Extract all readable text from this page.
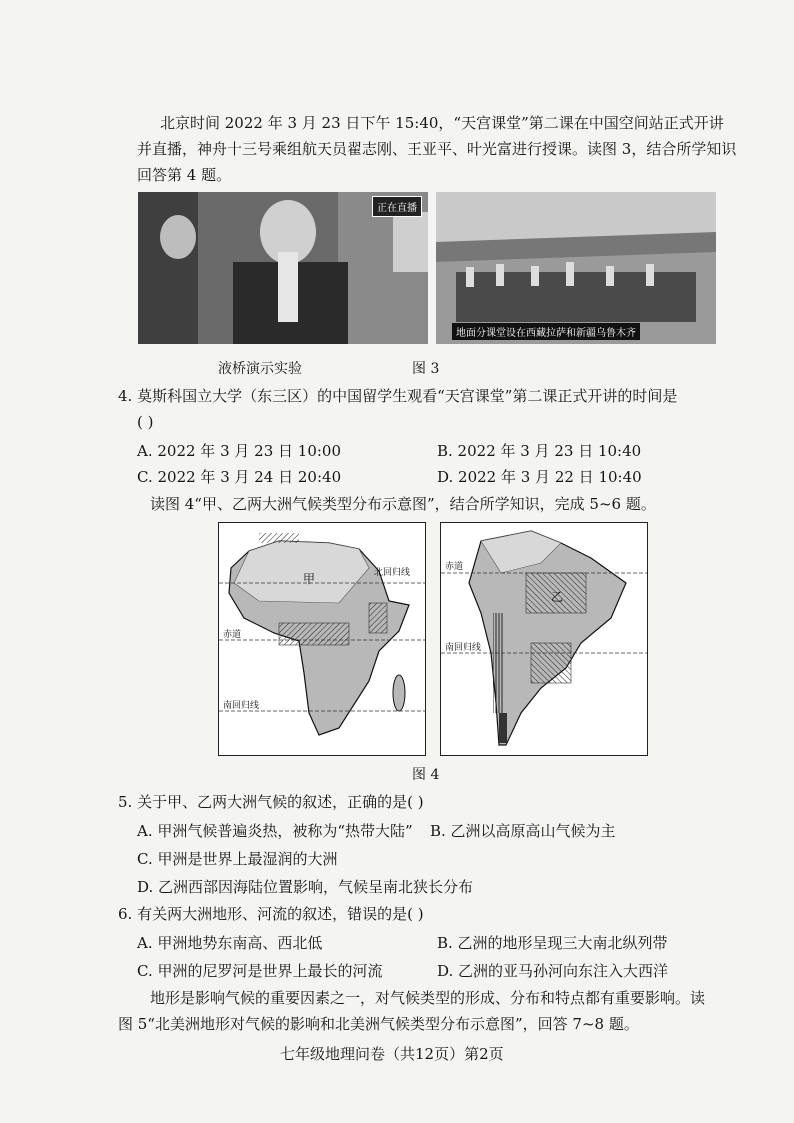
北京时间 2022 年 3 月 23 日下午 15:40，“天宫课堂”第二课在中国空间站正式开讲
并直播，神舟十三号乘组航天员翟志刚、王亚平、叶光富进行授课。读图 3，结合所学知识
回答第 4 题。
正在直播
地面分课堂设在西藏拉萨和新疆乌鲁木齐
液桥演示实验	图 3
4. 莫斯科国立大学（东三区）的中国留学生观看“天宫课堂”第二课正式开讲的时间是
( )
A. 2022 年 3 月 23 日 10:00	B. 2022 年 3 月 23 日 10:40
C. 2022 年 3 月 24 日 20:40	D. 2022 年 3 月 22 日 10:40
读图 4“甲、乙两大洲气候类型分布示意图”，结合所学知识，完成 5~6 题。
甲	北回归线
赤道
南回归线
乙
赤道
南回归线
图 4
5. 关于甲、乙两大洲气候的叙述，正确的是( )
A. 甲洲气候普遍炎热，被称为“热带大陆” B. 乙洲以高原高山气候为主
C. 甲洲是世界上最湿润的大洲
D. 乙洲西部因海陆位置影响，气候呈南北狭长分布
6. 有关两大洲地形、河流的叙述，错误的是( )
A. 甲洲地势东南高、西北低	B. 乙洲的地形呈现三大南北纵列带
C. 甲洲的尼罗河是世界上最长的河流	D. 乙洲的亚马孙河向东注入大西洋
地形是影响气候的重要因素之一，对气候类型的形成、分布和特点都有重要影响。读
图 5“北美洲地形对气候的影响和北美洲气候类型分布示意图”，回答 7~8 题。
七年级地理问卷（共12页）第2页
